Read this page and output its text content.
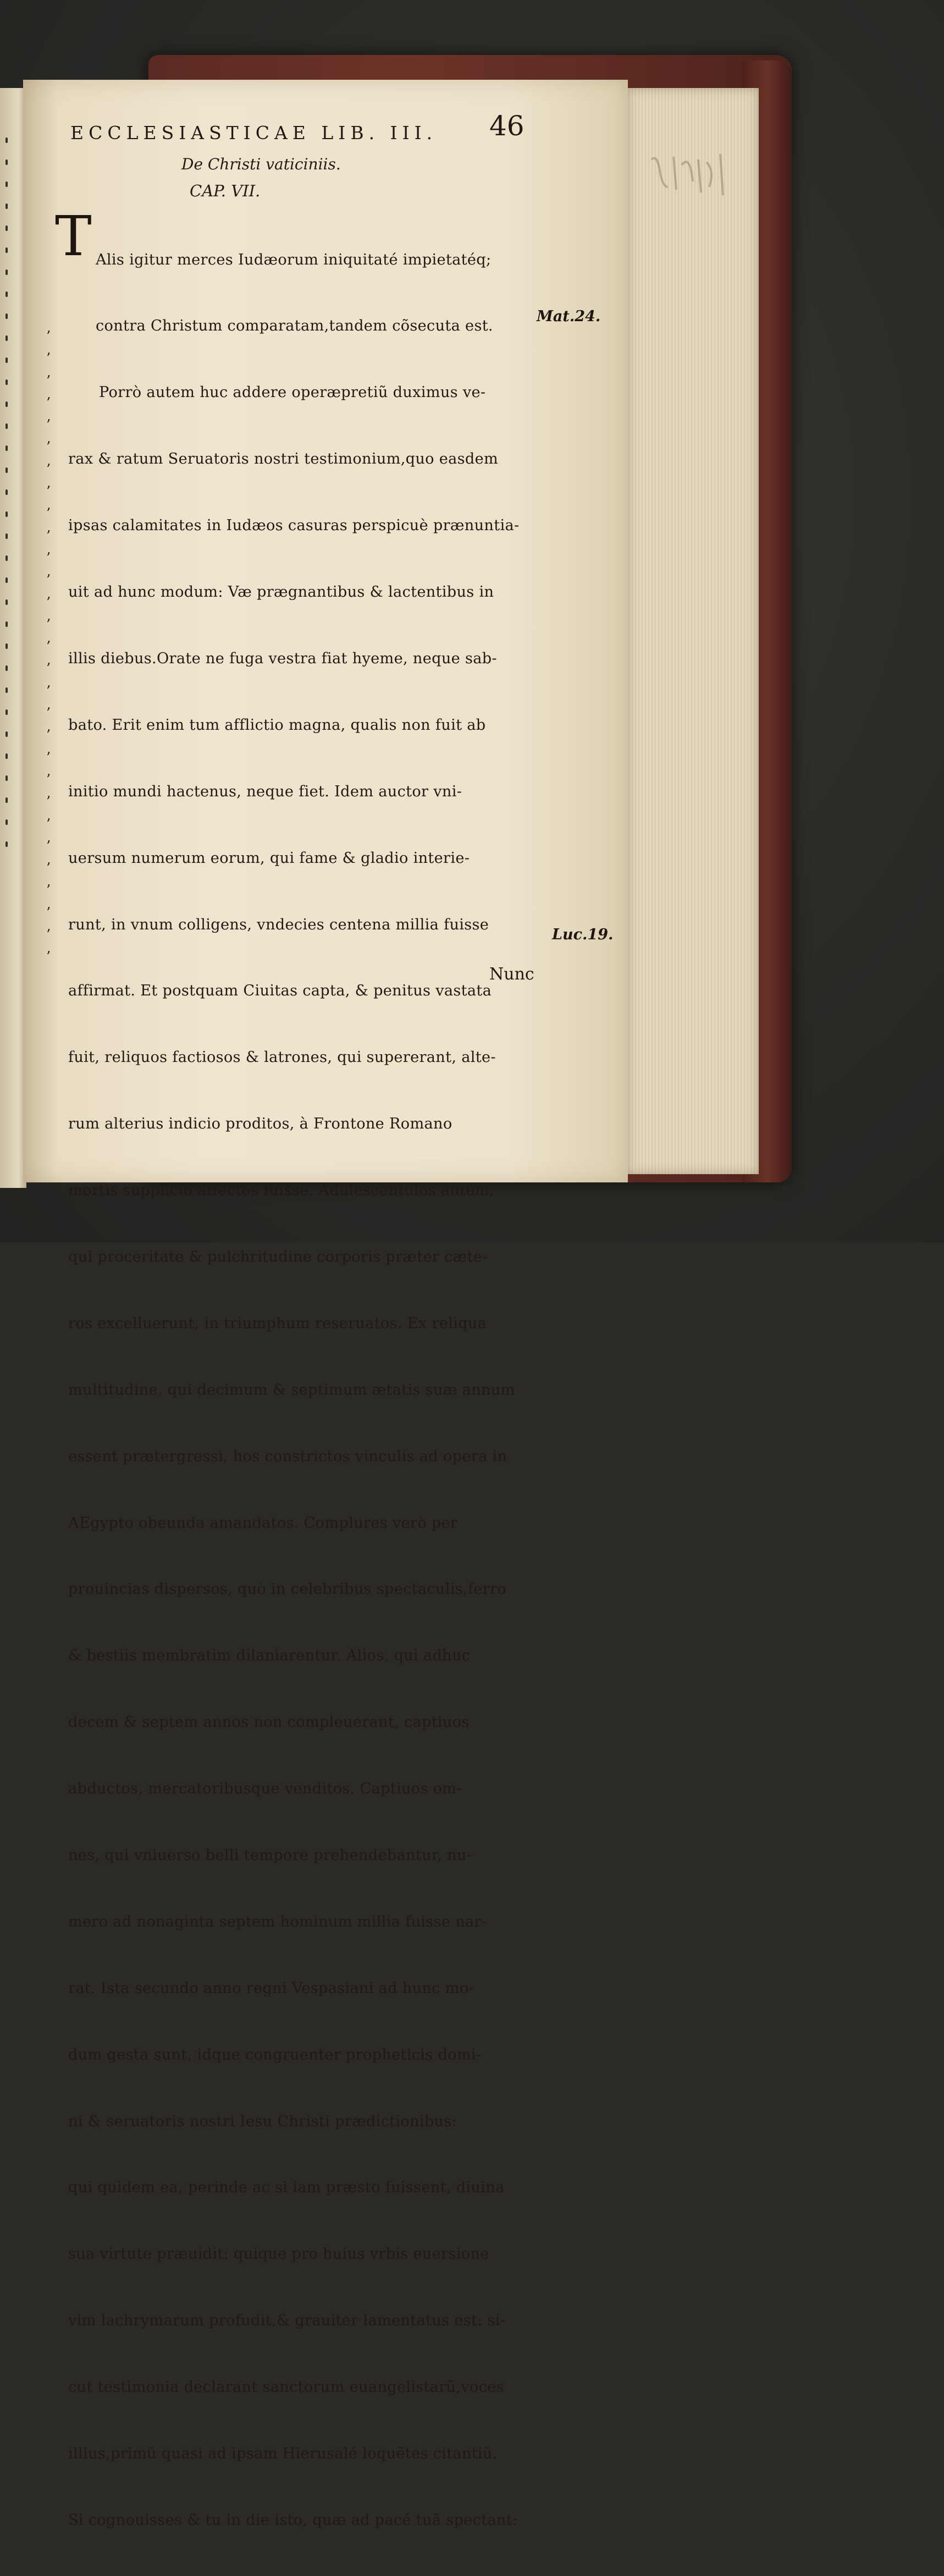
ECCLESIASTICAE LIB. III.	46
De Christi vaticiniis.
CAP. VII.
T

Alis igitur merces Iudæorum iniquitaté impietatéq;

contra Christum comparatam,tandem cõsecuta est.

Porrò autem huc addere operæpretiũ duximus ve-

rax & ratum Seruatoris nostri testimonium,quo easdem

ipsas calamitates in Iudæos casuras perspicuè prænuntia-

uit ad hunc modum: Væ prægnantibus & lactentibus in

illis diebus.Orate ne fuga vestra fiat hyeme, neque sab-

bato. Erit enim tum afflictio magna, qualis non fuit ab

initio mundi hactenus, neque fiet. Idem auctor vni-

uersum numerum eorum, qui fame & gladio interie-

runt, in vnum colligens, vndecies centena millia fuisse

affirmat. Et postquam Ciuitas capta, & penitus vastata

fuit, reliquos factiosos & latrones, qui supererant, alte-

rum alterius indicio proditos, à Frontone Romano

mortis supplicio affectos fuisse. Adulescentulos autem,

qui proceritate & pulchritudine corporis præter cæte-

ros excelluerunt, in triumphum reseruatos. Ex reliqua

multitudine, qui decimum & septimum ætatis suæ annum

essent prætergressi, hos constrictos vinculis ad opera in

AEgypto obeunda amandatos. Complures verò per

prouincias dispersos, quò in celebribus spectaculis,ferro

& bestiis membratim dilaniarentur. Alios, qui adhuc

decem & septem annos non compleuerant, captiuos

abductos, mercatoribusque venditos. Captiuos om-

nes, qui vniuerso belli tempore prehendebantur, nu-

mero ad nonaginta septem hominum millia fuisse nar-

rat. Ista secundo anno regni Vespasiani ad hunc mo-

dum gesta sunt, idque congruenter propheticis domi-

ni & seruatoris nostri Iesu Christi prædictionibus:

qui quidem ea, perinde ac si iam præsto fuissent, diuina

sua virtute præuidit: quique pro huius vrbis euersione

vim lachrymarum profudit,& grauiter lamentatus est: si-

cut testimonia declarant sanctorum euangelistarũ,voces

illius,primũ quasi ad ipsam Hierusalé loquẽtes citantiũ.

Si cognouisses & tu in die isto, quæ ad pacé tuã spectant:

Nunc
Mat.24.
Luc.19.
’
’
’
’
’
’
’
’
’
’
’
’
’
’
’
’
’
’
’
’
’
’
’
’
’
’
’
’
’
